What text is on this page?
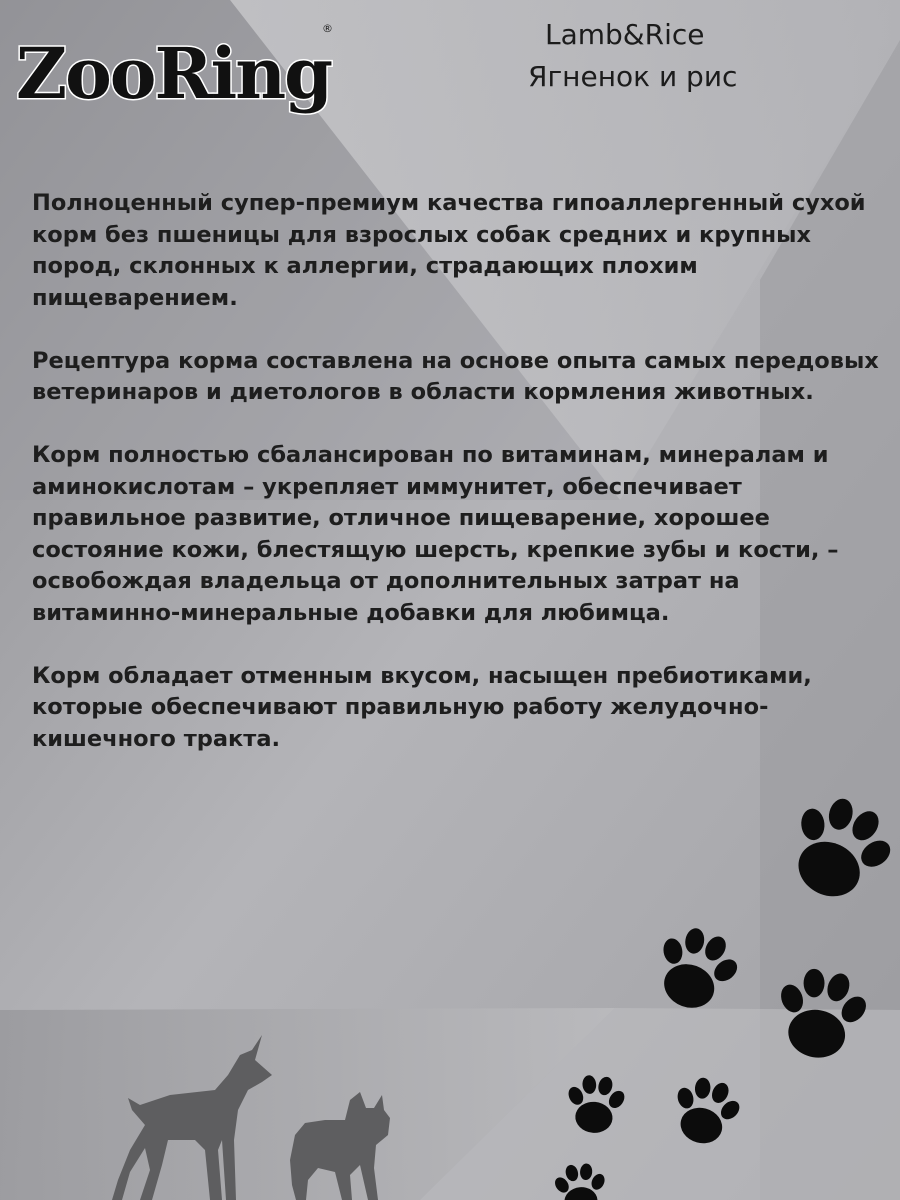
ZooRing
®	Lamb&Rice
Ягненок и рис

Полноценный супер-премиум качества гипоаллергенный сухой корм без пшеницы для взрослых собак средних и крупных пород, склонных к аллергии, страдающих плохим пищеварением.

Рецептура корма составлена на основе опыта самых передовых ветеринаров и диетологов в области кормления животных.

Корм полностью сбалансирован по витаминам, минералам и аминокислотам – укрепляет иммунитет, обеспечивает правильное развитие, отличное пищеварение, хорошее состояние кожи, блестящую шерсть, крепкие зубы и кости, – освобождая владельца от дополнительных затрат на витаминно-минеральные добавки для любимца.

Корм обладает отменным вкусом, насыщен пребиотиками, которые обеспечивают правильную работу желудочно-кишечного тракта.
